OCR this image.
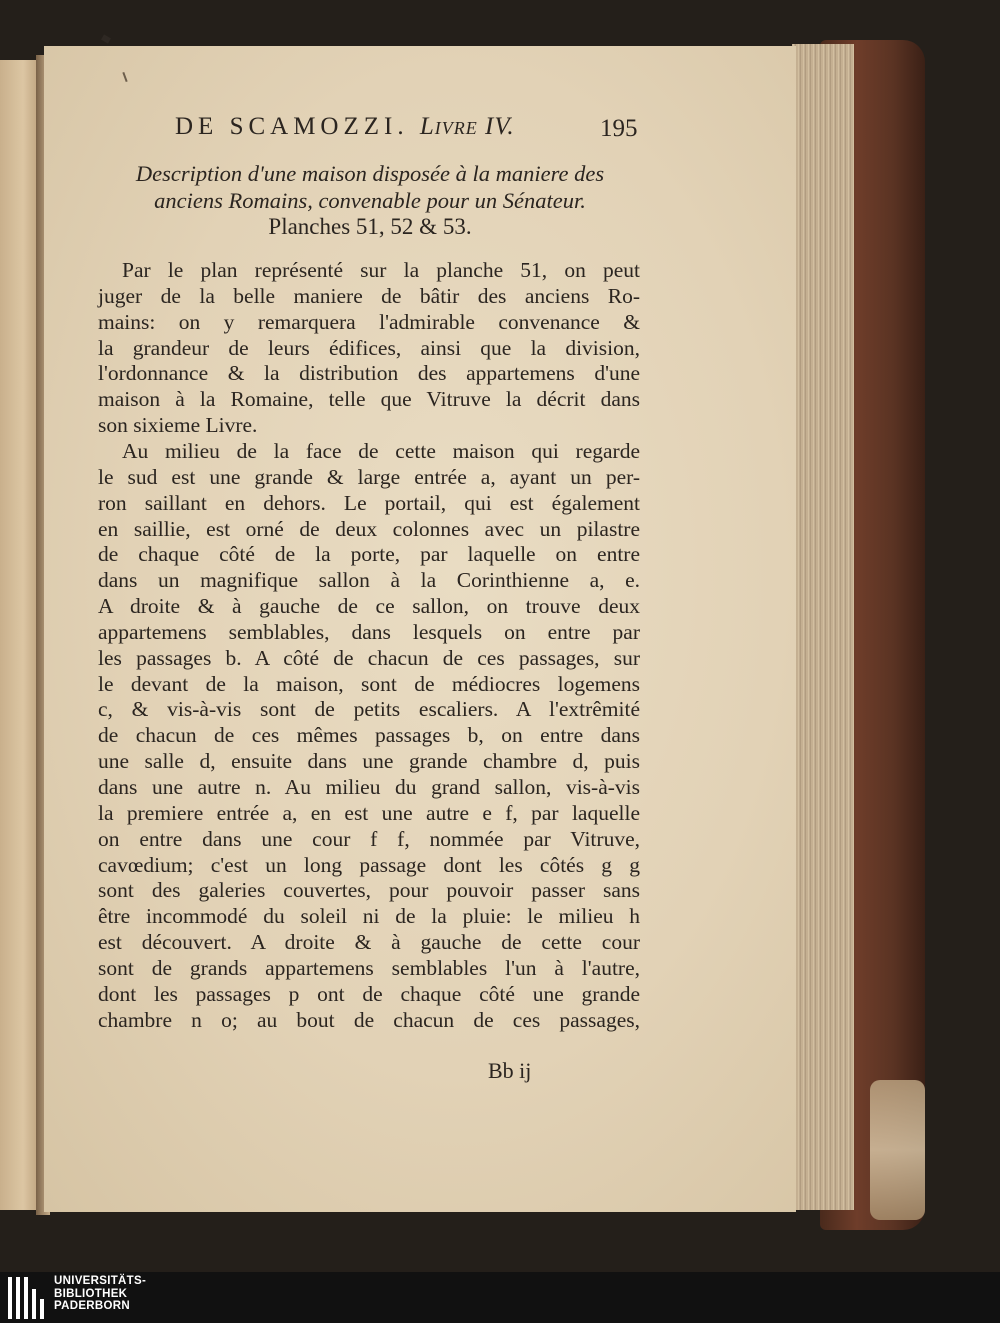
DE SCAMOZZI. Livre IV.	195
Description d'une maison disposée à la maniere des
anciens Romains, convenable pour un Sénateur.
Planches 51, 52 & 53.
Par le plan représenté sur la planche 51, on peut
juger de la belle maniere de bâtir des anciens Ro-
mains: on y remarquera l'admirable convenance &
la grandeur de leurs édifices, ainsi que la division,
l'ordonnance & la distribution des appartemens d'une
maison à la Romaine, telle que Vitruve la décrit dans
son sixieme Livre.
Au milieu de la face de cette maison qui regarde
le sud est une grande & large entrée a, ayant un per-
ron saillant en dehors. Le portail, qui est également
en saillie, est orné de deux colonnes avec un pilastre
de chaque côté de la porte, par laquelle on entre
dans un magnifique sallon à la Corinthienne a, e.
A droite & à gauche de ce sallon, on trouve deux
appartemens semblables, dans lesquels on entre par
les passages b. A côté de chacun de ces passages, sur
le devant de la maison, sont de médiocres logemens
c, & vis-à-vis sont de petits escaliers. A l'extrêmité
de chacun de ces mêmes passages b, on entre dans
une salle d, ensuite dans une grande chambre d, puis
dans une autre n. Au milieu du grand sallon, vis-à-vis
la premiere entrée a, en est une autre e f, par laquelle
on entre dans une cour f f, nommée par Vitruve,
cavœdium; c'est un long passage dont les côtés g g
sont des galeries couvertes, pour pouvoir passer sans
être incommodé du soleil ni de la pluie: le milieu h
est découvert. A droite & à gauche de cette cour
sont de grands appartemens semblables l'un à l'autre,
dont les passages p ont de chaque côté une grande
chambre n o; au bout de chacun de ces passages,
Bb ij
UNIVERSITÄTS-
BIBLIOTHEK
PADERBORN
